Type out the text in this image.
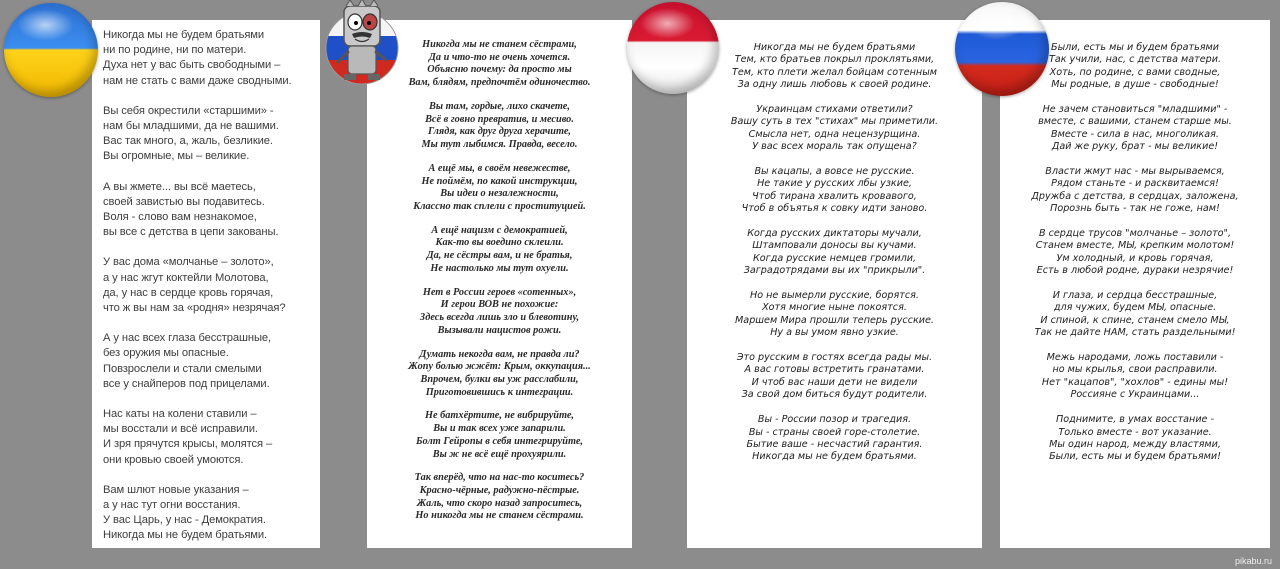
Никогда мы не будем братьями
ни по родине, ни по матери.
Духа нет у вас быть свободными –
нам не стать с вами даже сводными.
Вы себя окрестили «старшими» -
нам бы младшими, да не вашими.
Вас так много, а, жаль, безликие.
Вы огромные, мы – великие.
А вы жмете... вы всё маетесь,
своей завистью вы подавитесь.
Воля - слово вам незнакомое,
вы все с детства в цепи закованы.
У вас дома «молчанье – золото»,
а у нас жгут коктейли Молотова,
да, у нас в сердце кровь горячая,
что ж вы нам за «родня» незрячая?
А у нас всех глаза бесстрашные,
без оружия мы опасные.
Повзрослели и стали смелыми
все у снайперов под прицелами.
Нас каты на колени ставили –
мы восстали и всё исправили.
И зря прячутся крысы, молятся –
они кровью своей умоются.
Вам шлют новые указания –
а у нас тут огни восстания.
У вас Царь, у нас - Демократия.
Никогда мы не будем братьями.
Никогда мы не станем сёстрами,
Да и что-то не очень хочется.
Объясню почему: да просто мы
Вам, блядям, предпочтём одиночество.
Вы там, гордые, лихо скачете,
Всё в говно превратив, и месиво.
Глядя, как друг друга херачите,
Мы тут лыбимся. Правда, весело.
А ещё мы, в своём невежестве,
Не поймём, по какой инструкции,
Вы идеи о незалежности,
Классно так сплели с проституцией.
А ещё нацизм с демократией,
Как-то вы воедино склеили.
Да, не сёстры вам, и не братья,
Не настолько мы тут охуели.
Нет в России героев «сотенных»,
И герои ВОВ не похожие:
Здесь всегда лишь зло и блевотину,
Вызывали нацистов рожи.
Думать некогда вам, не правда ли?
Жопу болью жжёт: Крым, оккупация...
Впрочем, булки вы уж расслабили,
Приготовившись к интеграции.
Не батхёртите, не вибрируйте,
Вы и так всех уже запарили.
Болт Гейропы в себя интегрируйте,
Вы ж не всё ещё прохуярили.
Так вперёд, что на нас-то коситесь?
Красно-чёрные, радужно-пёстрые.
Жаль, что скоро назад запроситесь,
Но никогда мы не станем сёстрами.
Никогда мы не будем братьями
Тем, кто братьев покрыл проклятьями,
Тем, кто плети желал бойцам сотенным
За одну лишь любовь к своей родине.
Украинцам стихами ответили?
Вашу суть в тех "стихах" мы приметили.
Смысла нет, одна нецензурщина.
У вас всех мораль так опущена?
Вы кацапы, а вовсе не русские.
Не такие у русских лбы узкие,
Чтоб тирана хвалить кровавого,
Чтоб в объятья к совку идти заново.
Когда русских диктаторы мучали,
Штамповали доносы вы кучами.
Когда русские немцев громили,
Заградотрядами вы их "прикрыли".
Но не вымерли русские, борятся.
Хотя многие ныне покоятся.
Маршем Мира прошли теперь русские.
Ну а вы умом явно узкие.
Это русским в гостях всегда рады мы.
А вас готовы встретить гранатами.
И чтоб вас наши дети не видели
За свой дом биться будут родители.
Вы - России позор и трагедия.
Вы - страны своей горе-столетие.
Бытие ваше - несчастий гарантия.
Никогда мы не будем братьями.
Были, есть мы и будем братьями
Так учили, нас, с детства матери.
Хоть, по родине, с вами сводные,
Мы родные, в душе - свободные!
Не зачем становиться "младшими" -
вместе, с вашими, станем старше мы.
Вместе - сила в нас, многоликая.
Дай же руку, брат - мы великие!
Власти жмут нас - мы вырываемся,
Рядом станьте - и расквитаемся!
Дружба с детства, в сердцах, заложена,
Порознь быть - так не гоже, нам!
В сердце трусов "молчанье – золото",
Станем вместе, МЫ, крепким молотом!
Ум холодный, и кровь горячая,
Есть в любой родне, дураки незрячие!
И глаза, и сердца бесстрашные,
для чужих, будем МЫ, опасные.
И спиной, к спине, станем смело МЫ,
Так не дайте НАМ, стать раздельными!
Межь народами, ложь поставили -
но мы крылья, свои расправили.
Нет "кацапов", "хохлов" - едины мы!
Россияне с Украинцами...
Поднимите, в умах восстание -
Только вместе - вот указание.
Мы один народ, между властями,
Были, есть мы и будем братьями!
pikabu.ru
